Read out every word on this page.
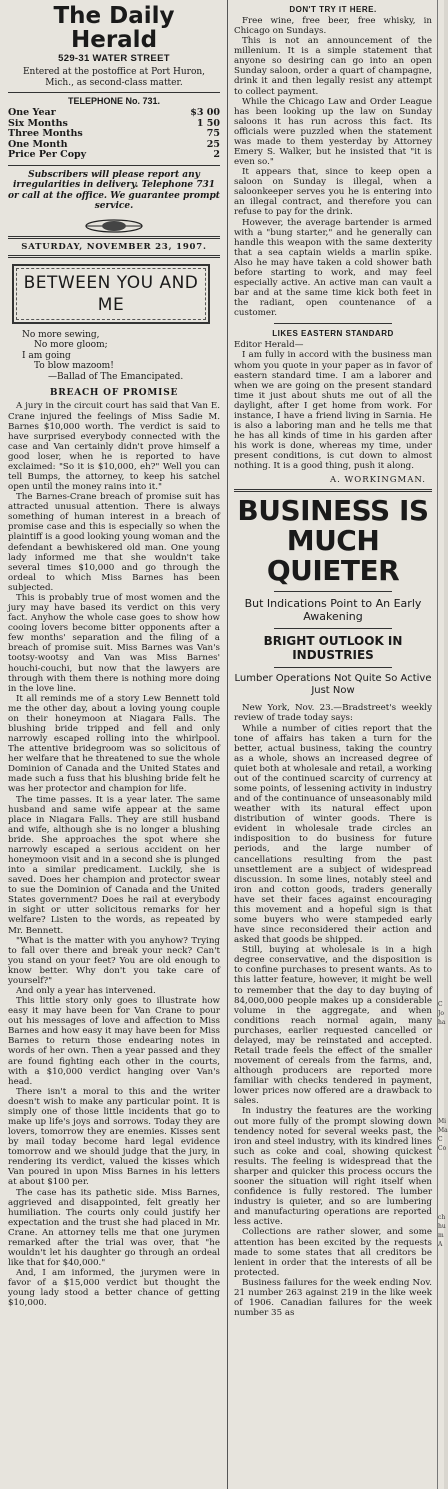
The Daily Herald
529-31 WATER STREET
Entered at the postoffice at Port Huron, Mich., as second-class matter.
TELEPHONE No. 731.
One Year	$3 00
Six Months	1 50
Three Months	75
One Month	25
Price Per Copy	2
Subscribers will please report any irregularities in delivery. Telephone 731 or call at the office. We guarantee prompt service.
SATURDAY, NOVEMBER 23, 1907.
BETWEEN YOU AND ME
No more sewing,
No more gloom;
I am going
To blow mazoom!
—Ballad of The Emancipated.
BREACH OF PROMISE

A jury in the circuit court has said that Van E. Crane injured the feelings of Miss Sadie M. Barnes $10,000 worth. The verdict is said to have surprised everybody connected with the case and Van certainly didn't prove himself a good loser, when he is reported to have exclaimed: "So it is $10,000, eh?" Well you can tell Bumps, the attorney, to keep his satchel open until the money rains into it."

The Barnes-Crane breach of promise suit has attracted unusual attention. There is always something of human interest in a breach of promise case and this is especially so when the plaintiff is a good looking young woman and the defendant a bewhiskered old man. One young lady informed me that she wouldn't take several times $10,000 and go through the ordeal to which Miss Barnes has been subjected.

This is probably true of most women and the jury may have based its verdict on this very fact. Anyhow the whole case goes to show how cooing lovers become bitter opponents after a few months' separation and the filing of a breach of promise suit. Miss Barnes was Van's tootsy-wootsy and Van was Miss Barnes' houchi-couchi, but now that the lawyers are through with them there is nothing more doing in the love line.

It all reminds me of a story Lew Bennett told me the other day, about a loving young couple on their honeymoon at Niagara Falls. The blushing bride tripped and fell and only narrowly escaped rolling into the whirlpool. The attentive bridegroom was so solicitous of her welfare that he threatened to sue the whole Dominion of Canada and the United States and made such a fuss that his blushing bride felt he was her protector and champion for life.

The time passes. It is a year later. The same husband and same wife appear at the same place in Niagara Falls. They are still husband and wife, although she is no longer a blushing bride. She approaches the spot where she narrowly escaped a serious accident on her honeymoon visit and in a second she is plunged into a similar predicament. Luckily, she is saved. Does her champion and protector swear to sue the Dominion of Canada and the United States government? Does he rail at everybody in sight or utter solicitous remarks for her welfare? Listen to the words, as repeated by Mr. Bennett.

"What is the matter with you anyhow? Trying to fall over there and break your neck? Can't you stand on your feet? You are old enough to know better. Why don't you take care of yourself?"

And only a year has intervened.

This little story only goes to illustrate how easy it may have been for Van Crane to pour out his messages of love and affection to Miss Barnes and how easy it may have been for Miss Barnes to return those endearing notes in words of her own. Then a year passed and they are found fighting each other in the courts, with a $10,000 verdict hanging over Van's head.

There isn't a moral to this and the writer doesn't wish to make any particular point. It is simply one of those little incidents that go to make up life's joys and sorrows. Today they are lovers, tomorrow they are enemies. Kisses sent by mail today become hard legal evidence tomorrow and we should judge that the jury, in rendering its verdict, valued the kisses which Van poured in upon Miss Barnes in his letters at about $100 per.

The case has its pathetic side. Miss Barnes, aggrieved and disappointed, felt greatly her humiliation. The courts only could justify her expectation and the trust she had placed in Mr. Crane. An attorney tells me that one jurymen remarked after the trial was over, that "he wouldn't let his daughter go through an ordeal like that for $40,000."

And, I am informed, the jurymen were in favor of a $15,000 verdict but thought the young lady stood a better chance of getting $10,000.

DON'T TRY IT HERE.

Free wine, free beer, free whisky, in Chicago on Sundays.

This is not an announcement of the millenium. It is a simple statement that anyone so desiring can go into an open Sunday saloon, order a quart of champagne, drink it and then legally resist any attempt to collect payment.

While the Chicago Law and Order League has been looking up the law on Sunday saloons it has run across this fact. Its officials were puzzled when the statement was made to them yesterday by Attorney Emery S. Walker, but he insisted that "it is even so."

It appears that, since to keep open a saloon on Sunday is illegal, when a saloonkeeper serves you he is entering into an illegal contract, and therefore you can refuse to pay for the drink.

However, the average bartender is armed with a "bung starter," and he generally can handle this weapon with the same dexterity that a sea captain wields a marlin spike. Also he may have taken a cold shower bath before starting to work, and may feel especially active. An active man can vault a bar and at the same time kick both feet in the radiant, open countenance of a customer.

LIKES EASTERN STANDARD

Editor Herald—

I am fully in accord with the business man whom you quote in your paper as in favor of eastern standard time. I am a laborer and when we are going on the present standard time it just about shuts me out of all the daylight, after I get home from work. For instance, I have a friend living in Sarnia. He is also a laboring man and he tells me that he has all kinds of time in his garden after his work is done, whereas my time, under present conditions, is cut down to almost nothing. It is a good thing, push it along.

A. WORKINGMAN.
BUSINESS IS MUCH QUIETER
But Indications Point to An Early Awakening
BRIGHT OUTLOOK IN INDUSTRIES
Lumber Operations Not Quite So Active Just Now

New York, Nov. 23.—Bradstreet's weekly review of trade today says:

While a number of cities report that the tone of affairs has taken a turn for the better, actual business, taking the country as a whole, shows an increased degree of quiet both at wholesale and retail, a working out of the continued scarcity of currency at some points, of lessening activity in industry and of the continuance of unseasonably mild weather with its natural effect upon distribution of winter goods. There is evident in wholesale trade circles an indisposition to do business for future periods, and the large number of cancellations resulting from the past unsettlement are a subject of widespread discussion. In some lines, notably steel and iron and cotton goods, traders generally have set their faces against encouraging this movement and a hopeful sign is that some buyers who were stampeded early have since reconsidered their action and asked that goods be shipped.

Still, buying at wholesale is in a high degree conservative, and the disposition is to confine purchases to present wants. As to this latter feature, however, it might be well to remember that the day to day buying of 84,000,000 people makes up a considerable volume in the aggregate, and when conditions reach normal again, many purchases, earlier requested cancelled or delayed, may be reinstated and accepted. Retail trade feels the effect of the smaller movement of cereals from the farms, and, although producers are reported more familiar with checks tendered in payment, lower prices now offered are a drawback to sales.

In industry the features are the working out more fully of the prompt slowing down tendency noted for several weeks past, the iron and steel industry, with its kindred lines such as coke and coal, showing quickest results. The feeling is widespread that the sharper and quicker this process occurs the sooner the situation will right itself when confidence is fully restored. The lumber industry is quieter, and so are lumbering and manufacturing operations are reported less active.

Collections are rather slower, and some attention has been excited by the requests made to some states that all creditors be lenient in order that the interests of all be protected.

Business failures for the week ending Nov. 21 number 263 against 219 in the like week of 1906. Canadian failures for the week number 35 as

C
Jo
ha
Mi
Ma
C
Co
ch
hu
m
A
